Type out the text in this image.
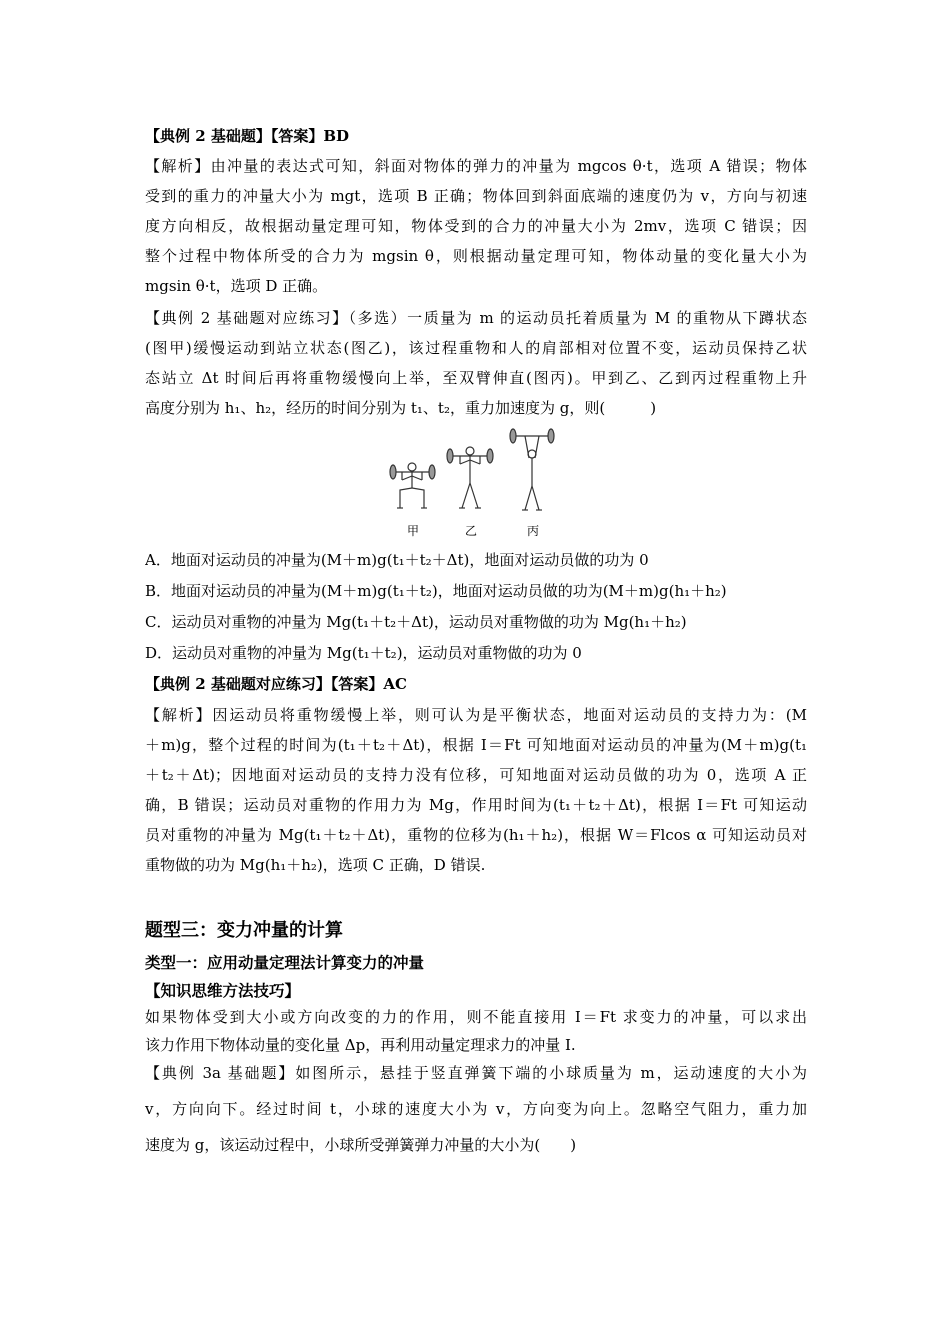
【典例 2 基础题】【答案】BD
【解析】由冲量的表达式可知，斜面对物体的弹力的冲量为 mgcos θ·t，选项 A 错误；物体
受到的重力的冲量大小为 mgt，选项 B 正确；物体回到斜面底端的速度仍为 v，方向与初速
度方向相反，故根据动量定理可知，物体受到的合力的冲量大小为 2mv，选项 C 错误；因
整个过程中物体所受的合力为 mgsin θ，则根据动量定理可知，物体动量的变化量大小为
mgsin θ·t，选项 D 正确。
【典例 2 基础题对应练习】（多选）一质量为 m 的运动员托着质量为 M 的重物从下蹲状态
(图甲)缓慢运动到站立状态(图乙)，该过程重物和人的肩部相对位置不变，运动员保持乙状
态站立 Δt 时间后再将重物缓慢向上举，至双臂伸直(图丙)。甲到乙、乙到丙过程重物上升
高度分别为 h₁、h₂，经历的时间分别为 t₁、t₂，重力加速度为 g，则(　　　)
甲	乙	丙
A．地面对运动员的冲量为(M＋m)g(t₁＋t₂＋Δt)，地面对运动员做的功为 0
B．地面对运动员的冲量为(M＋m)g(t₁＋t₂)，地面对运动员做的功为(M＋m)g(h₁＋h₂)
C．运动员对重物的冲量为 Mg(t₁＋t₂＋Δt)，运动员对重物做的功为 Mg(h₁＋h₂)
D．运动员对重物的冲量为 Mg(t₁＋t₂)，运动员对重物做的功为 0
【典例 2 基础题对应练习】【答案】AC
【解析】因运动员将重物缓慢上举，则可认为是平衡状态，地面对运动员的支持力为：(M
＋m)g，整个过程的时间为(t₁＋t₂＋Δt)，根据 I＝Ft 可知地面对运动员的冲量为(M＋m)g(t₁
＋t₂＋Δt)；因地面对运动员的支持力没有位移，可知地面对运动员做的功为 0，选项 A 正
确，B 错误；运动员对重物的作用力为 Mg，作用时间为(t₁＋t₂＋Δt)，根据 I＝Ft 可知运动
员对重物的冲量为 Mg(t₁＋t₂＋Δt)，重物的位移为(h₁＋h₂)，根据 W＝Flcos α 可知运动员对
重物做的功为 Mg(h₁＋h₂)，选项 C 正确，D 错误.
题型三：变力冲量的计算
类型一：应用动量定理法计算变力的冲量
【知识思维方法技巧】
如果物体受到大小或方向改变的力的作用，则不能直接用 I＝Ft 求变力的冲量，可以求出
该力作用下物体动量的变化量 Δp，再利用动量定理求力的冲量 I.
【典例 3a 基础题】如图所示，悬挂于竖直弹簧下端的小球质量为 m，运动速度的大小为
v，方向向下。经过时间 t，小球的速度大小为 v，方向变为向上。忽略空气阻力，重力加
速度为 g，该运动过程中，小球所受弹簧弹力冲量的大小为(　　)
